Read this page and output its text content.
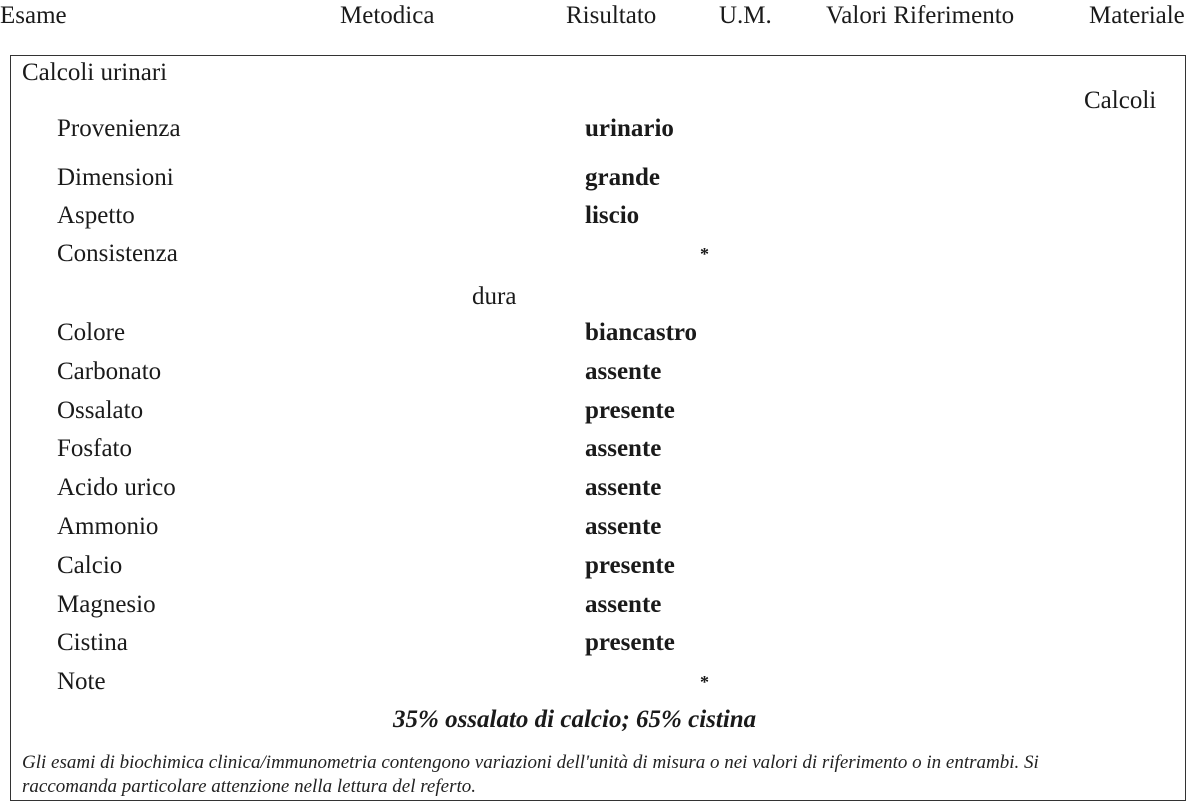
Esame	Metodica	Risultato	U.M. Valori Riferimento	Materiale
Calcoli urinari
Calcoli
Provenienza	urinario
Dimensioni	grande
Aspetto	liscio
Consistenza	*
dura
Colore	biancastro
Carbonato	assente
Ossalato	presente
Fosfato	assente
Acido urico	assente
Ammonio	assente
Calcio	presente
Magnesio	assente
Cistina	presente
Note	*
35% ossalato di calcio; 65% cistina
Gli esami di biochimica clinica/immunometria contengono variazioni dell'unità di misura o nei valori di riferimento o in entrambi. Si raccomanda particolare attenzione nella lettura del referto.
